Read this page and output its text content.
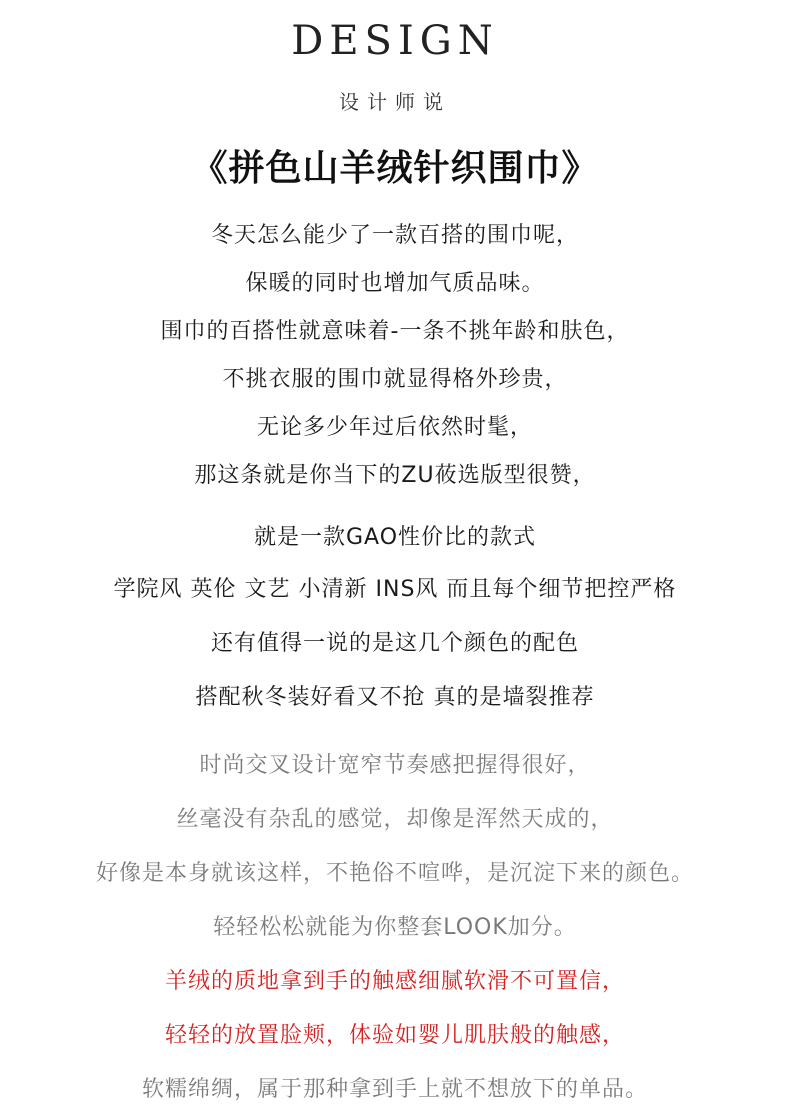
DESIGN
设计师说
《拼色山羊绒针织围巾》
冬天怎么能少了一款百搭的围巾呢，
保暖的同时也增加气质品味。
围巾的百搭性就意味着-一条不挑年龄和肤色，
不挑衣服的围巾就显得格外珍贵，
无论多少年过后依然时髦，
那这条就是你当下的ZU莜选版型很赞，
就是一款GAO性价比的款式
学院风 英伦 文艺 小清新 INS风 而且每个细节把控严格
还有值得一说的是这几个颜色的配色
搭配秋冬装好看又不抢 真的是墙裂推荐
时尚交叉设计宽窄节奏感把握得很好，
丝毫没有杂乱的感觉，却像是浑然天成的，
好像是本身就该这样，不艳俗不喧哗，是沉淀下来的颜色。
轻轻松松就能为你整套LOOK加分。
羊绒的质地拿到手的触感细腻软滑不可置信，
轻轻的放置脸颊，体验如婴儿肌肤般的触感，
软糯绵绸，属于那种拿到手上就不想放下的单品。
